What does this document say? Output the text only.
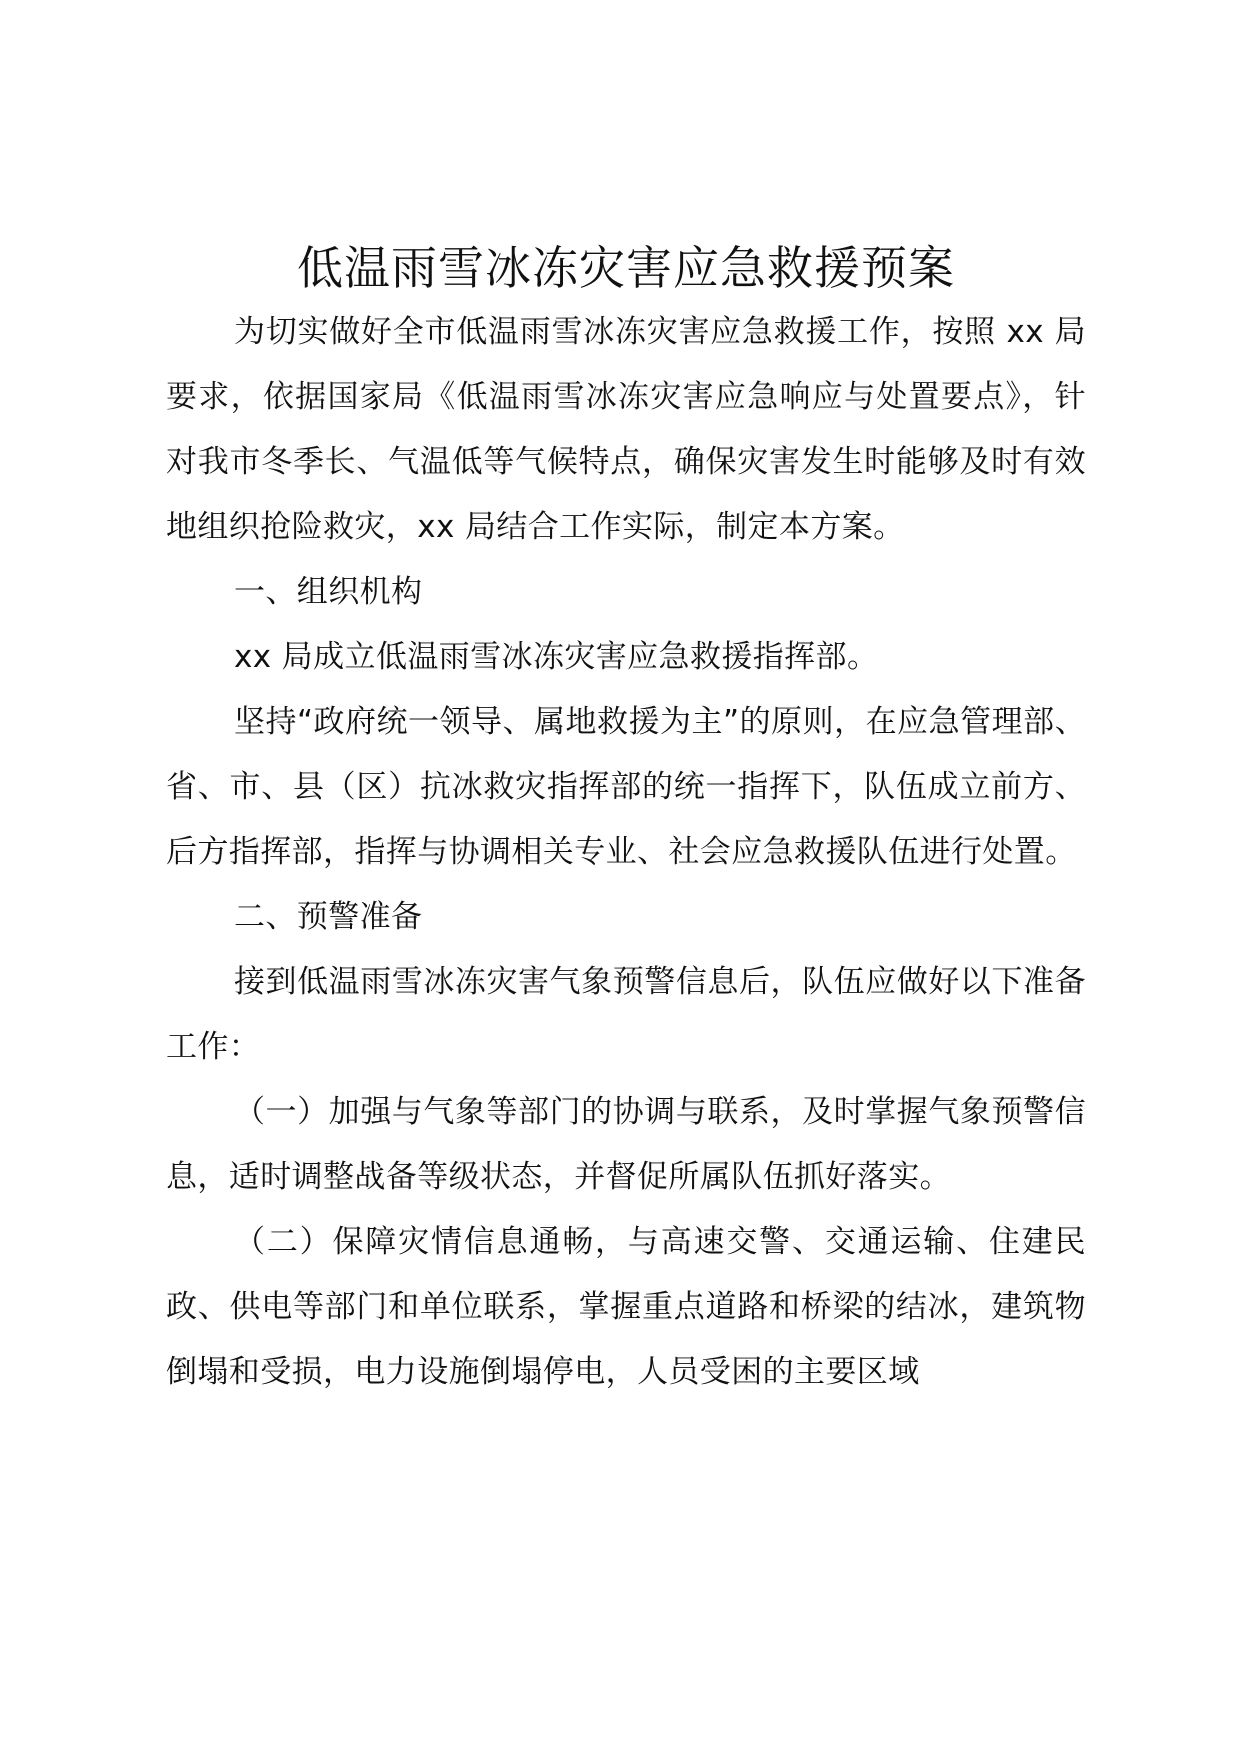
低温雨雪冰冻灾害应急救援预案

为切实做好全市低温雨雪冰冻灾害应急救援工作，按照 xx 局要求，依据国家局《低温雨雪冰冻灾害应急响应与处置要点》，针对我市冬季长、气温低等气候特点，确保灾害发生时能够及时有效地组织抢险救灾，xx 局结合工作实际，制定本方案。

一、组织机构

xx 局成立低温雨雪冰冻灾害应急救援指挥部。

坚持“政府统一领导、属地救援为主”的原则，在应急管理部、省、市、县（区）抗冰救灾指挥部的统一指挥下，队伍成立前方、后方指挥部，指挥与协调相关专业、社会应急救援队伍进行处置。

二、预警准备

接到低温雨雪冰冻灾害气象预警信息后，队伍应做好以下准备工作：

（一）加强与气象等部门的协调与联系，及时掌握气象预警信息，适时调整战备等级状态，并督促所属队伍抓好落实。

（二）保障灾情信息通畅，与高速交警、交通运输、住建民政、供电等部门和单位联系，掌握重点道路和桥梁的结冰，建筑物倒塌和受损，电力设施倒塌停电，人员受困的主要区域
